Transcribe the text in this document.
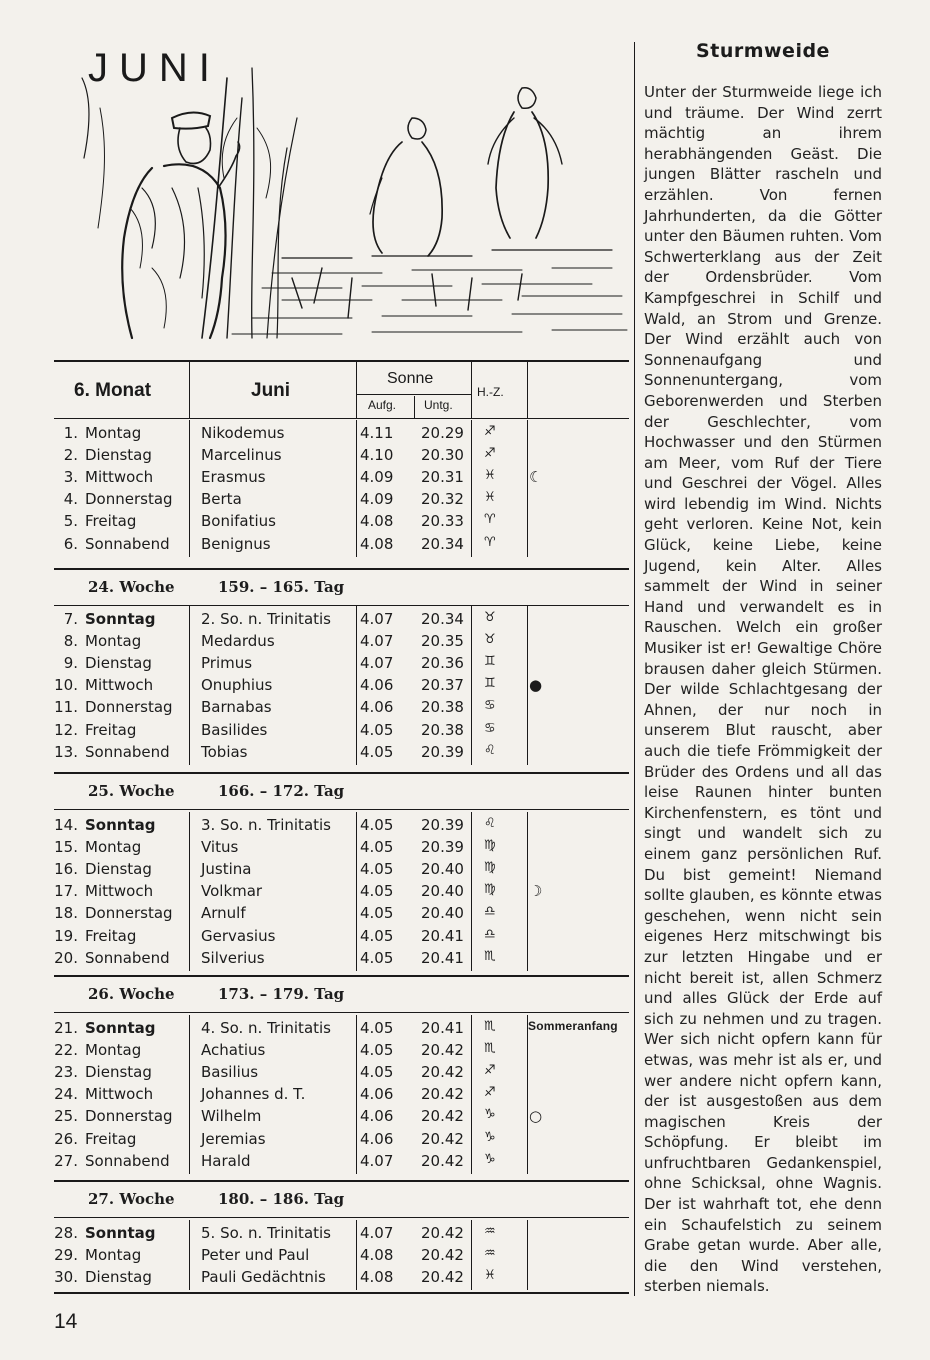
JUNI
6. Monat	Juni
Sonne
Aufg. Untg.
H.-Z.
1. Montag	Nikodemus	4.11 20.29 ♐
2. Dienstag	Marcelinus	4.10 20.30 ♐
3. Mittwoch	Erasmus	4.09 20.31 ♓ ☾
4. Donnerstag Berta	4.09 20.32 ♓
5. Freitag	Bonifatius	4.08 20.33 ♈
6. Sonnabend Benignus	4.08 20.34 ♈
24. Woche	159. – 165. Tag
7. Sonntag	2. So. n. Trinitatis 4.07 20.34 ♉
8. Montag	Medardus	4.07 20.35 ♉
9. Dienstag	Primus	4.07 20.36 ♊
10. Mittwoch	Onuphius	4.06 20.37 ♊ ●
11. Donnerstag Barnabas	4.06 20.38 ♋
12. Freitag	Basilides	4.05 20.38 ♋
13. Sonnabend Tobias	4.05 20.39 ♌
25. Woche	166. – 172. Tag
14. Sonntag	3. So. n. Trinitatis 4.05 20.39 ♌
15. Montag	Vitus	4.05 20.39 ♍
16. Dienstag	Justina	4.05 20.40 ♍
17. Mittwoch	Volkmar	4.05 20.40 ♍ ☽
18. Donnerstag Arnulf	4.05 20.40 ♎
19. Freitag	Gervasius	4.05 20.41 ♎
20. Sonnabend Silverius	4.05 20.41 ♏
26. Woche	173. – 179. Tag
21. Sonntag	4. So. n. Trinitatis 4.05 20.41 ♏	Sommeranfang
22. Montag	Achatius	4.05 20.42 ♏
23. Dienstag	Basilius	4.05 20.42 ♐
24. Mittwoch	Johannes d. T.	4.06 20.42 ♐
25. Donnerstag Wilhelm	4.06 20.42 ♑ ○
26. Freitag	Jeremias	4.06 20.42 ♑
27. Sonnabend Harald	4.07 20.42 ♑
27. Woche	180. – 186. Tag
28. Sonntag	5. So. n. Trinitatis 4.07 20.42 ♒
29. Montag	Peter und Paul	4.08 20.42 ♒
30. Dienstag	Pauli Gedächtnis 4.08 20.42 ♓
Sturmweide

Unter der Sturmweide liege ich und träume. Der Wind zerrt mächtig an ihrem herabhängenden Geäst. Die jungen Blätter rascheln und erzählen. Von fernen Jahrhunderten, da die Götter unter den Bäumen ruhten. Vom Schwerterklang aus der Zeit der Ordensbrüder. Vom Kampfgeschrei in Schilf und Wald, an Strom und Grenze. Der Wind erzählt auch von Sonnenaufgang und Sonnenuntergang, vom Geborenwerden und Sterben der Geschlechter, vom Hochwasser und den Stürmen am Meer, vom Ruf der Tiere und Geschrei der Vögel. Alles wird lebendig im Wind. Nichts geht verloren. Keine Not, kein Glück, keine Liebe, keine Jugend, kein Alter. Alles sammelt der Wind in seiner Hand und verwandelt es in Rauschen. Welch ein großer Musiker ist er! Gewaltige Chöre brausen daher gleich Stürmen. Der wilde Schlachtgesang der Ahnen, der nur noch in unserem Blut rauscht, aber auch die tiefe Frömmigkeit der Brüder des Ordens und all das leise Raunen hinter bunten Kirchenfenstern, es tönt und singt und wandelt sich zu einem ganz persönlichen Ruf. Du bist gemeint! Niemand sollte glauben, es könnte etwas geschehen, wenn nicht sein eigenes Herz mitschwingt bis zur letzten Hingabe und er nicht bereit ist, allen Schmerz und alles Glück der Erde auf sich zu nehmen und zu tragen. Wer sich nicht opfern kann für etwas, was mehr ist als er, und wer andere nicht opfern kann, der ist ausgestoßen aus dem magischen Kreis der Schöpfung. Er bleibt im unfruchtbaren Gedankenspiel, ohne Schicksal, ohne Wagnis. Der ist wahrhaft tot, ehe denn ein Schaufelstich zu seinem Grabe getan wurde. Aber alle, die den Wind verstehen, sterben niemals.

14
